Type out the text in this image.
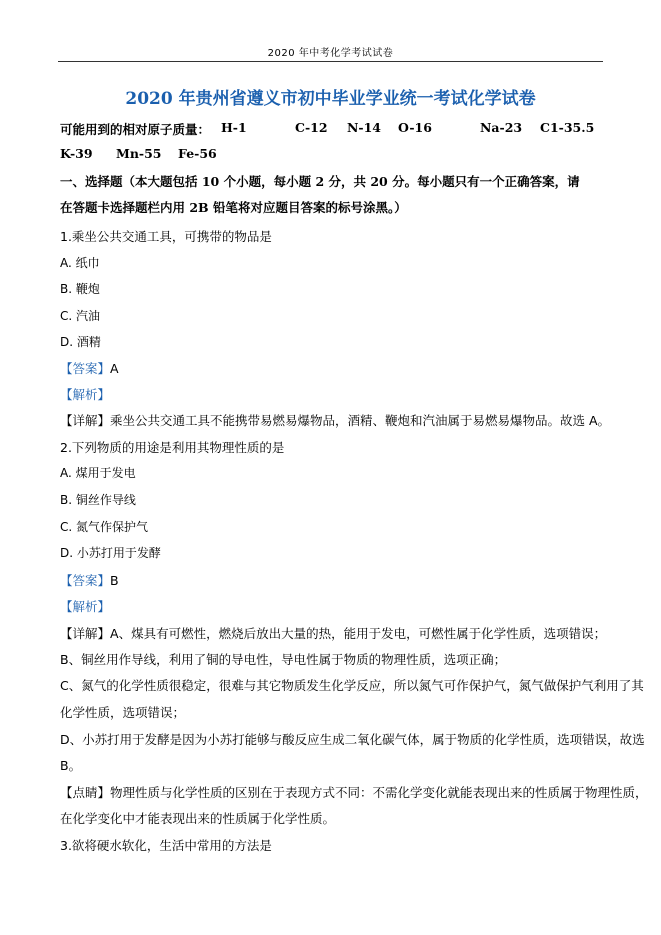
2020 年中考化学考试试卷
2020 年贵州省遵义市初中毕业学业统一考试化学试卷
可能用到的相对原子质量： H-1	C-12 N-14 O-16	Na-23 C1-35.5
K-39 Mn-55 Fe-56
一、选择题（本大题包括 10 个小题，每小题 2 分，共 20 分。每小题只有一个正确答案，请
在答题卡选择题栏内用 2B 铅笔将对应题目答案的标号涂黑。）
1.乘坐公共交通工具，可携带的物品是
A. 纸巾
B. 鞭炮
C. 汽油
D. 酒精
【答案】A
【解析】
【详解】乘坐公共交通工具不能携带易燃易爆物品，酒精、鞭炮和汽油属于易燃易爆物品。故选 A。
2.下列物质的用途是利用其物理性质的是
A. 煤用于发电
B. 铜丝作导线
C. 氮气作保护气
D. 小苏打用于发酵
【答案】B
【解析】
【详解】A、煤具有可燃性，燃烧后放出大量的热，能用于发电，可燃性属于化学性质，选项错误；
B、铜丝用作导线，利用了铜的导电性，导电性属于物质的物理性质，选项正确；
C、氮气的化学性质很稳定，很难与其它物质发生化学反应，所以氮气可作保护气，氮气做保护气利用了其
化学性质，选项错误；
D、小苏打用于发酵是因为小苏打能够与酸反应生成二氧化碳气体，属于物质的化学性质，选项错误，故选
B。
【点睛】物理性质与化学性质的区别在于表现方式不同：不需化学变化就能表现出来的性质属于物理性质，
在化学变化中才能表现出来的性质属于化学性质。
3.欲将硬水软化，生活中常用的方法是
